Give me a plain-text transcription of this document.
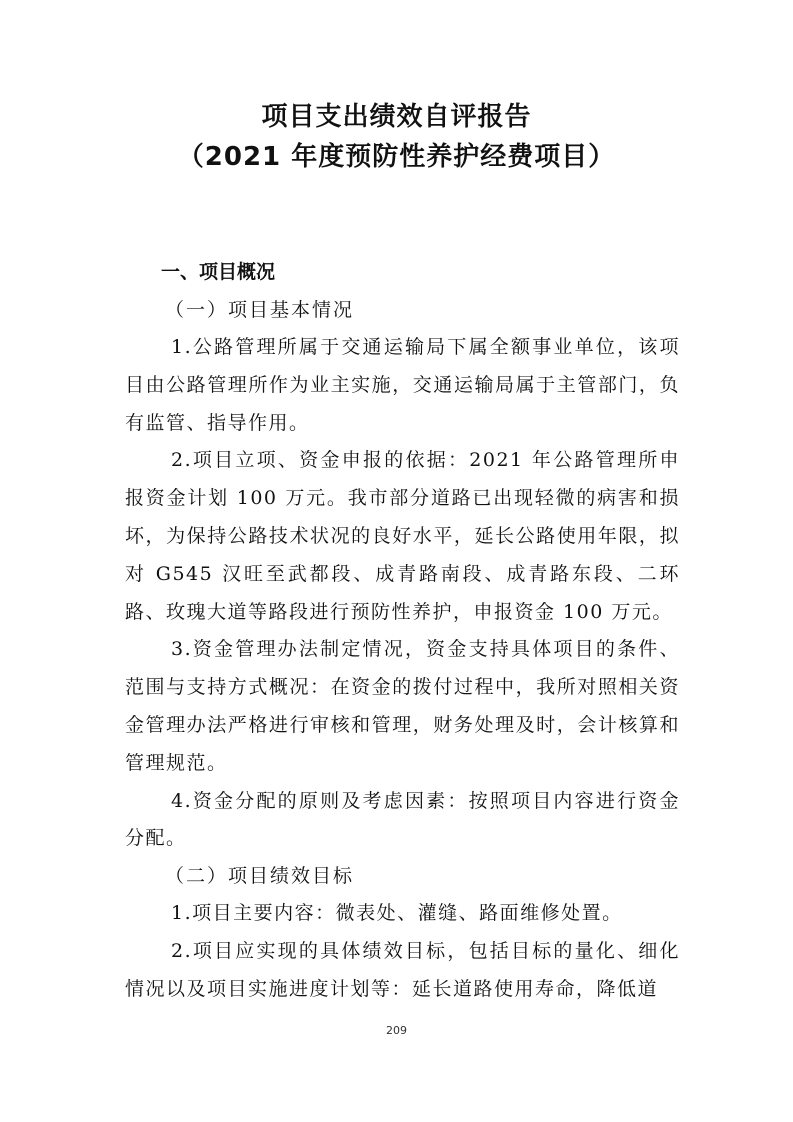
项目支出绩效自评报告
（2021 年度预防性养护经费项目）

一、项目概况

（一）项目基本情况

1.公路管理所属于交通运输局下属全额事业单位，该项目由公路管理所作为业主实施，交通运输局属于主管部门，负有监管、指导作用。

2.项目立项、资金申报的依据：2021 年公路管理所申报资金计划 100 万元。我市部分道路已出现轻微的病害和损坏，为保持公路技术状况的良好水平，延长公路使用年限，拟对 G545 汉旺至武都段、成青路南段、成青路东段、二环路、玫瑰大道等路段进行预防性养护，申报资金 100 万元。

3.资金管理办法制定情况，资金支持具体项目的条件、范围与支持方式概况：在资金的拨付过程中，我所对照相关资金管理办法严格进行审核和管理，财务处理及时，会计核算和管理规范。

4.资金分配的原则及考虑因素：按照项目内容进行资金分配。

（二）项目绩效目标

1.项目主要内容：微表处、灌缝、路面维修处置。

2.项目应实现的具体绩效目标，包括目标的量化、细化情况以及项目实施进度计划等：延长道路使用寿命，降低道

209
